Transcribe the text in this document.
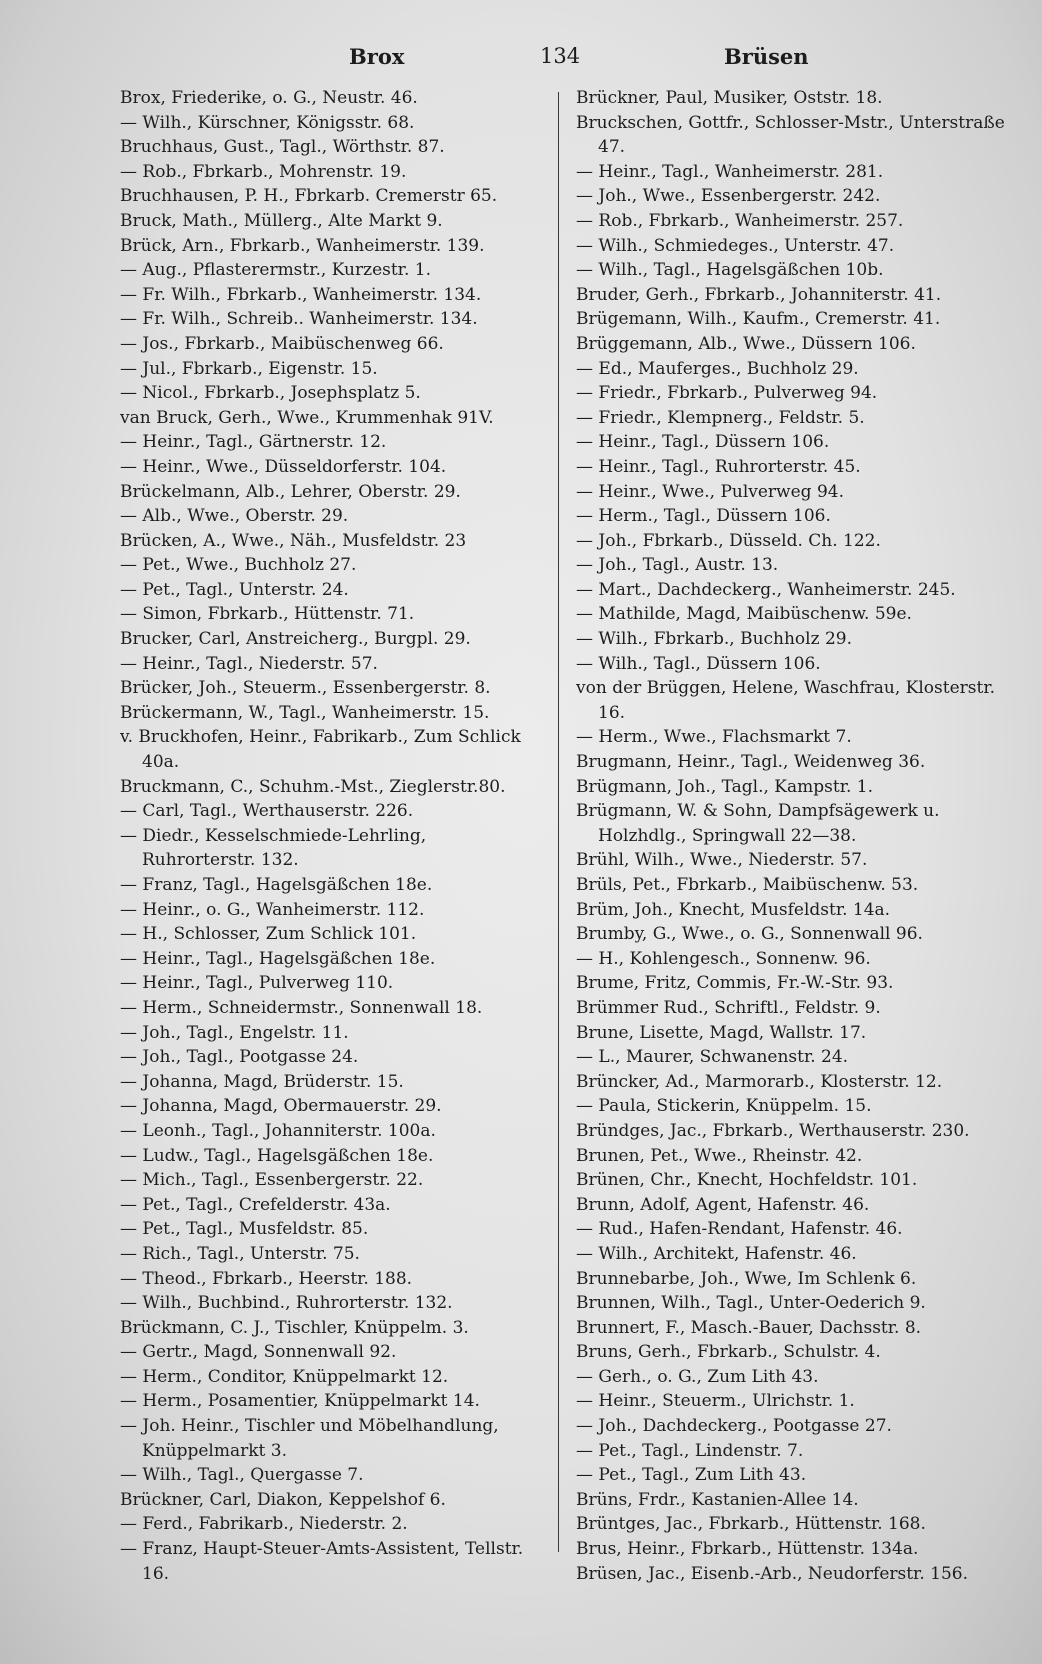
Brox	134	Brüsen

Brox, Friederike, o. G., Neustr. 46.

— Wilh., Kürschner, Königsstr. 68.

Bruchhaus, Gust., Tagl., Wörthstr. 87.

— Rob., Fbrkarb., Mohrenstr. 19.

Bruchhausen, P. H., Fbrkarb. Cremerstr 65.

Bruck, Math., Müllerg., Alte Markt 9.

Brück, Arn., Fbrkarb., Wanheimerstr. 139.

— Aug., Pflasterermstr., Kurzestr. 1.

— Fr. Wilh., Fbrkarb., Wanheimerstr. 134.

— Fr. Wilh., Schreib.. Wanheimerstr. 134.

— Jos., Fbrkarb., Maibüschenweg 66.

— Jul., Fbrkarb., Eigenstr. 15.

— Nicol., Fbrkarb., Josephsplatz 5.

van Bruck, Gerh., Wwe., Krummenhak 91V.

— Heinr., Tagl., Gärtnerstr. 12.

— Heinr., Wwe., Düsseldorferstr. 104.

Brückelmann, Alb., Lehrer, Oberstr. 29.

— Alb., Wwe., Oberstr. 29.

Brücken, A., Wwe., Näh., Musfeldstr. 23

— Pet., Wwe., Buchholz 27.

— Pet., Tagl., Unterstr. 24.

— Simon, Fbrkarb., Hüttenstr. 71.

Brucker, Carl, Anstreicherg., Burgpl. 29.

— Heinr., Tagl., Niederstr. 57.

Brücker, Joh., Steuerm., Essenbergerstr. 8.

Brückermann, W., Tagl., Wanheimerstr. 15.

v. Bruckhofen, Heinr., Fabrikarb., Zum Schlick 40a.

Bruckmann, C., Schuhm.-Mst., Zieglerstr.80.

— Carl, Tagl., Werthauserstr. 226.

— Diedr., Kesselschmiede-Lehrling, Ruhrorterstr. 132.

— Franz, Tagl., Hagelsgäßchen 18e.

— Heinr., o. G., Wanheimerstr. 112.

— H., Schlosser, Zum Schlick 101.

— Heinr., Tagl., Hagelsgäßchen 18e.

— Heinr., Tagl., Pulverweg 110.

— Herm., Schneidermstr., Sonnenwall 18.

— Joh., Tagl., Engelstr. 11.

— Joh., Tagl., Pootgasse 24.

— Johanna, Magd, Brüderstr. 15.

— Johanna, Magd, Obermauerstr. 29.

— Leonh., Tagl., Johanniterstr. 100a.

— Ludw., Tagl., Hagelsgäßchen 18e.

— Mich., Tagl., Essenbergerstr. 22.

— Pet., Tagl., Crefelderstr. 43a.

— Pet., Tagl., Musfeldstr. 85.

— Rich., Tagl., Unterstr. 75.

— Theod., Fbrkarb., Heerstr. 188.

— Wilh., Buchbind., Ruhrorterstr. 132.

Brückmann, C. J., Tischler, Knüppelm. 3.

— Gertr., Magd, Sonnenwall 92.

— Herm., Conditor, Knüppelmarkt 12.

— Herm., Posamentier, Knüppelmarkt 14.

— Joh. Heinr., Tischler und Möbelhandlung, Knüppelmarkt 3.

— Wilh., Tagl., Quergasse 7.

Brückner, Carl, Diakon, Keppelshof 6.

— Ferd., Fabrikarb., Niederstr. 2.

— Franz, Haupt-Steuer-Amts-Assistent, Tellstr. 16.

Brückner, Paul, Musiker, Oststr. 18.

Bruckschen, Gottfr., Schlosser-Mstr., Unterstraße 47.

— Heinr., Tagl., Wanheimerstr. 281.

— Joh., Wwe., Essenbergerstr. 242.

— Rob., Fbrkarb., Wanheimerstr. 257.

— Wilh., Schmiedeges., Unterstr. 47.

— Wilh., Tagl., Hagelsgäßchen 10b.

Bruder, Gerh., Fbrkarb., Johanniterstr. 41.

Brügemann, Wilh., Kaufm., Cremerstr. 41.

Brüggemann, Alb., Wwe., Düssern 106.

— Ed., Mauferges., Buchholz 29.

— Friedr., Fbrkarb., Pulverweg 94.

— Friedr., Klempnerg., Feldstr. 5.

— Heinr., Tagl., Düssern 106.

— Heinr., Tagl., Ruhrorterstr. 45.

— Heinr., Wwe., Pulverweg 94.

— Herm., Tagl., Düssern 106.

— Joh., Fbrkarb., Düsseld. Ch. 122.

— Joh., Tagl., Austr. 13.

— Mart., Dachdeckerg., Wanheimerstr. 245.

— Mathilde, Magd, Maibüschenw. 59e.

— Wilh., Fbrkarb., Buchholz 29.

— Wilh., Tagl., Düssern 106.

von der Brüggen, Helene, Waschfrau, Klosterstr. 16.

— Herm., Wwe., Flachsmarkt 7.

Brugmann, Heinr., Tagl., Weidenweg 36.

Brügmann, Joh., Tagl., Kampstr. 1.

Brügmann, W. & Sohn, Dampfsägewerk u. Holzhdlg., Springwall 22—38.

Brühl, Wilh., Wwe., Niederstr. 57.

Brüls, Pet., Fbrkarb., Maibüschenw. 53.

Brüm, Joh., Knecht, Musfeldstr. 14a.

Brumby, G., Wwe., o. G., Sonnenwall 96.

— H., Kohlengesch., Sonnenw. 96.

Brume, Fritz, Commis, Fr.-W.-Str. 93.

Brümmer Rud., Schriftl., Feldstr. 9.

Brune, Lisette, Magd, Wallstr. 17.

— L., Maurer, Schwanenstr. 24.

Brüncker, Ad., Marmorarb., Klosterstr. 12.

— Paula, Stickerin, Knüppelm. 15.

Bründges, Jac., Fbrkarb., Werthauserstr. 230.

Brunen, Pet., Wwe., Rheinstr. 42.

Brünen, Chr., Knecht, Hochfeldstr. 101.

Brunn, Adolf, Agent, Hafenstr. 46.

— Rud., Hafen-Rendant, Hafenstr. 46.

— Wilh., Architekt, Hafenstr. 46.

Brunnebarbe, Joh., Wwe, Im Schlenk 6.

Brunnen, Wilh., Tagl., Unter-Oederich 9.

Brunnert, F., Masch.-Bauer, Dachsstr. 8.

Bruns, Gerh., Fbrkarb., Schulstr. 4.

— Gerh., o. G., Zum Lith 43.

— Heinr., Steuerm., Ulrichstr. 1.

— Joh., Dachdeckerg., Pootgasse 27.

— Pet., Tagl., Lindenstr. 7.

— Pet., Tagl., Zum Lith 43.

Brüns, Frdr., Kastanien-Allee 14.

Brüntges, Jac., Fbrkarb., Hüttenstr. 168.

Brus, Heinr., Fbrkarb., Hüttenstr. 134a.

Brüsen, Jac., Eisenb.-Arb., Neudorferstr. 156.
